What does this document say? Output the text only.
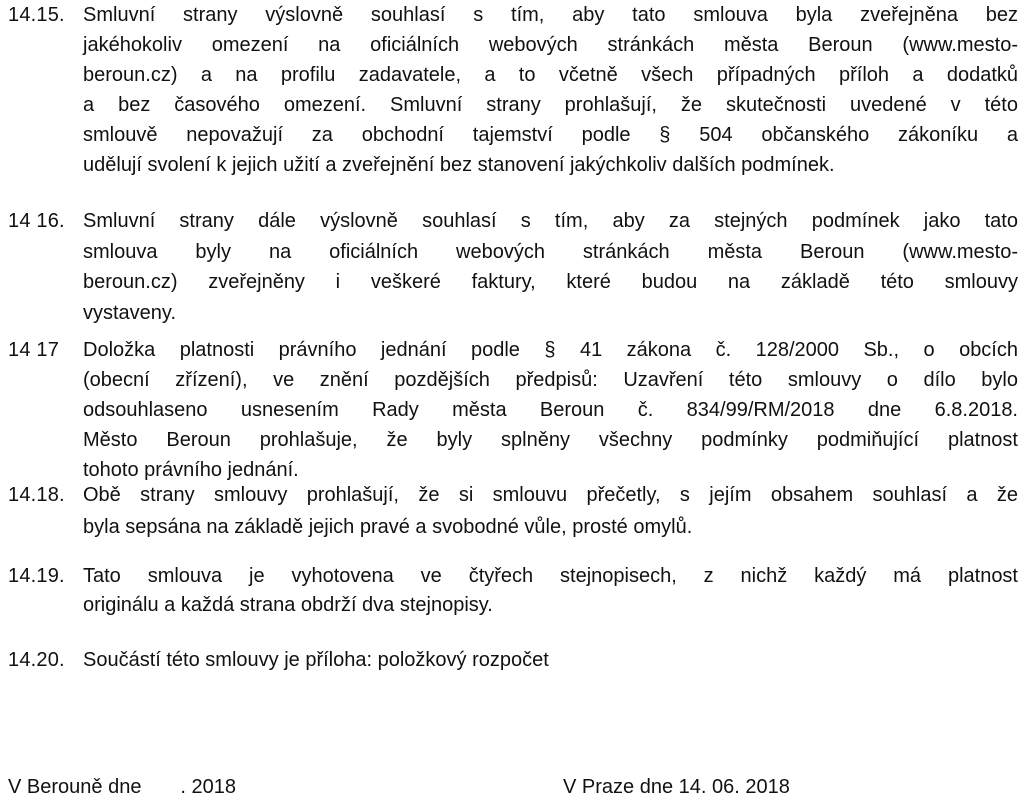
14.15. Smluvní strany výslovně souhlasí s tím, aby tato smlouva byla zveřejněna bez
jakéhokoliv omezení na oficiálních webových stránkách města Beroun (www.mesto-
beroun.cz) a na profilu zadavatele, a to včetně všech případných příloh a dodatků
a bez časového omezení. Smluvní strany prohlašují, že skutečnosti uvedené v této
smlouvě nepovažují za obchodní tajemství podle § 504 občanského zákoníku a
udělují svolení k jejich užití a zveřejnění bez stanovení jakýchkoliv dalších podmínek.
14 16. Smluvní strany dále výslovně souhlasí s tím, aby za stejných podmínek jako tato
smlouva byly na oficiálních webových stránkách města Beroun (www.mesto-
beroun.cz) zveřejněny i veškeré faktury, které budou na základě této smlouvy
vystaveny.
14 17 Doložka platnosti právního jednání podle § 41 zákona č. 128/2000 Sb., o obcích
(obecní zřízení), ve znění pozdějších předpisů: Uzavření této smlouvy o dílo bylo
odsouhlaseno usnesením Rady města Beroun č. 834/99/RM/2018 dne 6.8.2018.
Město Beroun prohlašuje, že byly splněny všechny podmínky podmiňující platnost
tohoto právního jednání.
14.18. Obě strany smlouvy prohlašují, že si smlouvu přečetly, s jejím obsahem souhlasí a že
byla sepsána na základě jejich pravé a svobodné vůle, prosté omylů.
14.19. Tato smlouva je vyhotovena ve čtyřech stejnopisech, z nichž každý má platnost
originálu a každá strana obdrží dva stejnopisy.
14.20. Součástí této smlouvy je příloha: položkový rozpočet
V Berouně dne       . 2018	V Praze dne 14. 06. 2018
